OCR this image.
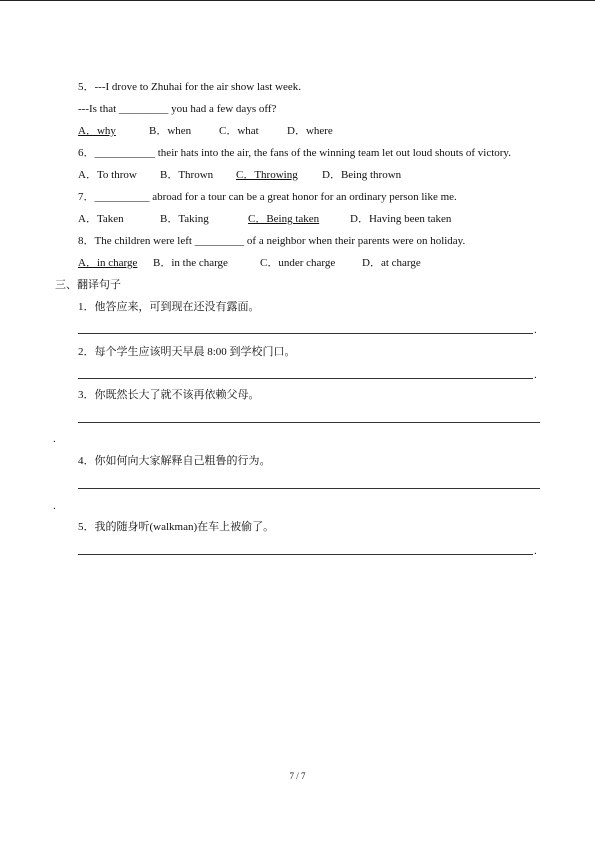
5．---I drove to Zhuhai for the air show last week.
---Is that _________ you had a few days off?
A．why	B．when	C．what	D．where
6．___________ their hats into the air, the fans of the winning team let out loud shouts of victory.
A．To throw B．Thrown C．Throwing D．Being thrown
7．__________ abroad for a tour can be a great honor for an ordinary person like me.
A．Taken	B．Taking	C．Being taken	D．Having been taken
8．The children were left _________ of a neighbor when their parents were on holiday.
A．in charge B．in the charge	C．under charge D．at charge
三、翻译句子
1．他答应来，可到现在还没有露面。
.
2．每个学生应该明天早晨 8:00 到学校门口。
.
3．你既然长大了就不该再依赖父母。
.
4．你如何向大家解释自己粗鲁的行为。
.
5．我的随身听(walkman)在车上被偷了。
.
7 / 7
